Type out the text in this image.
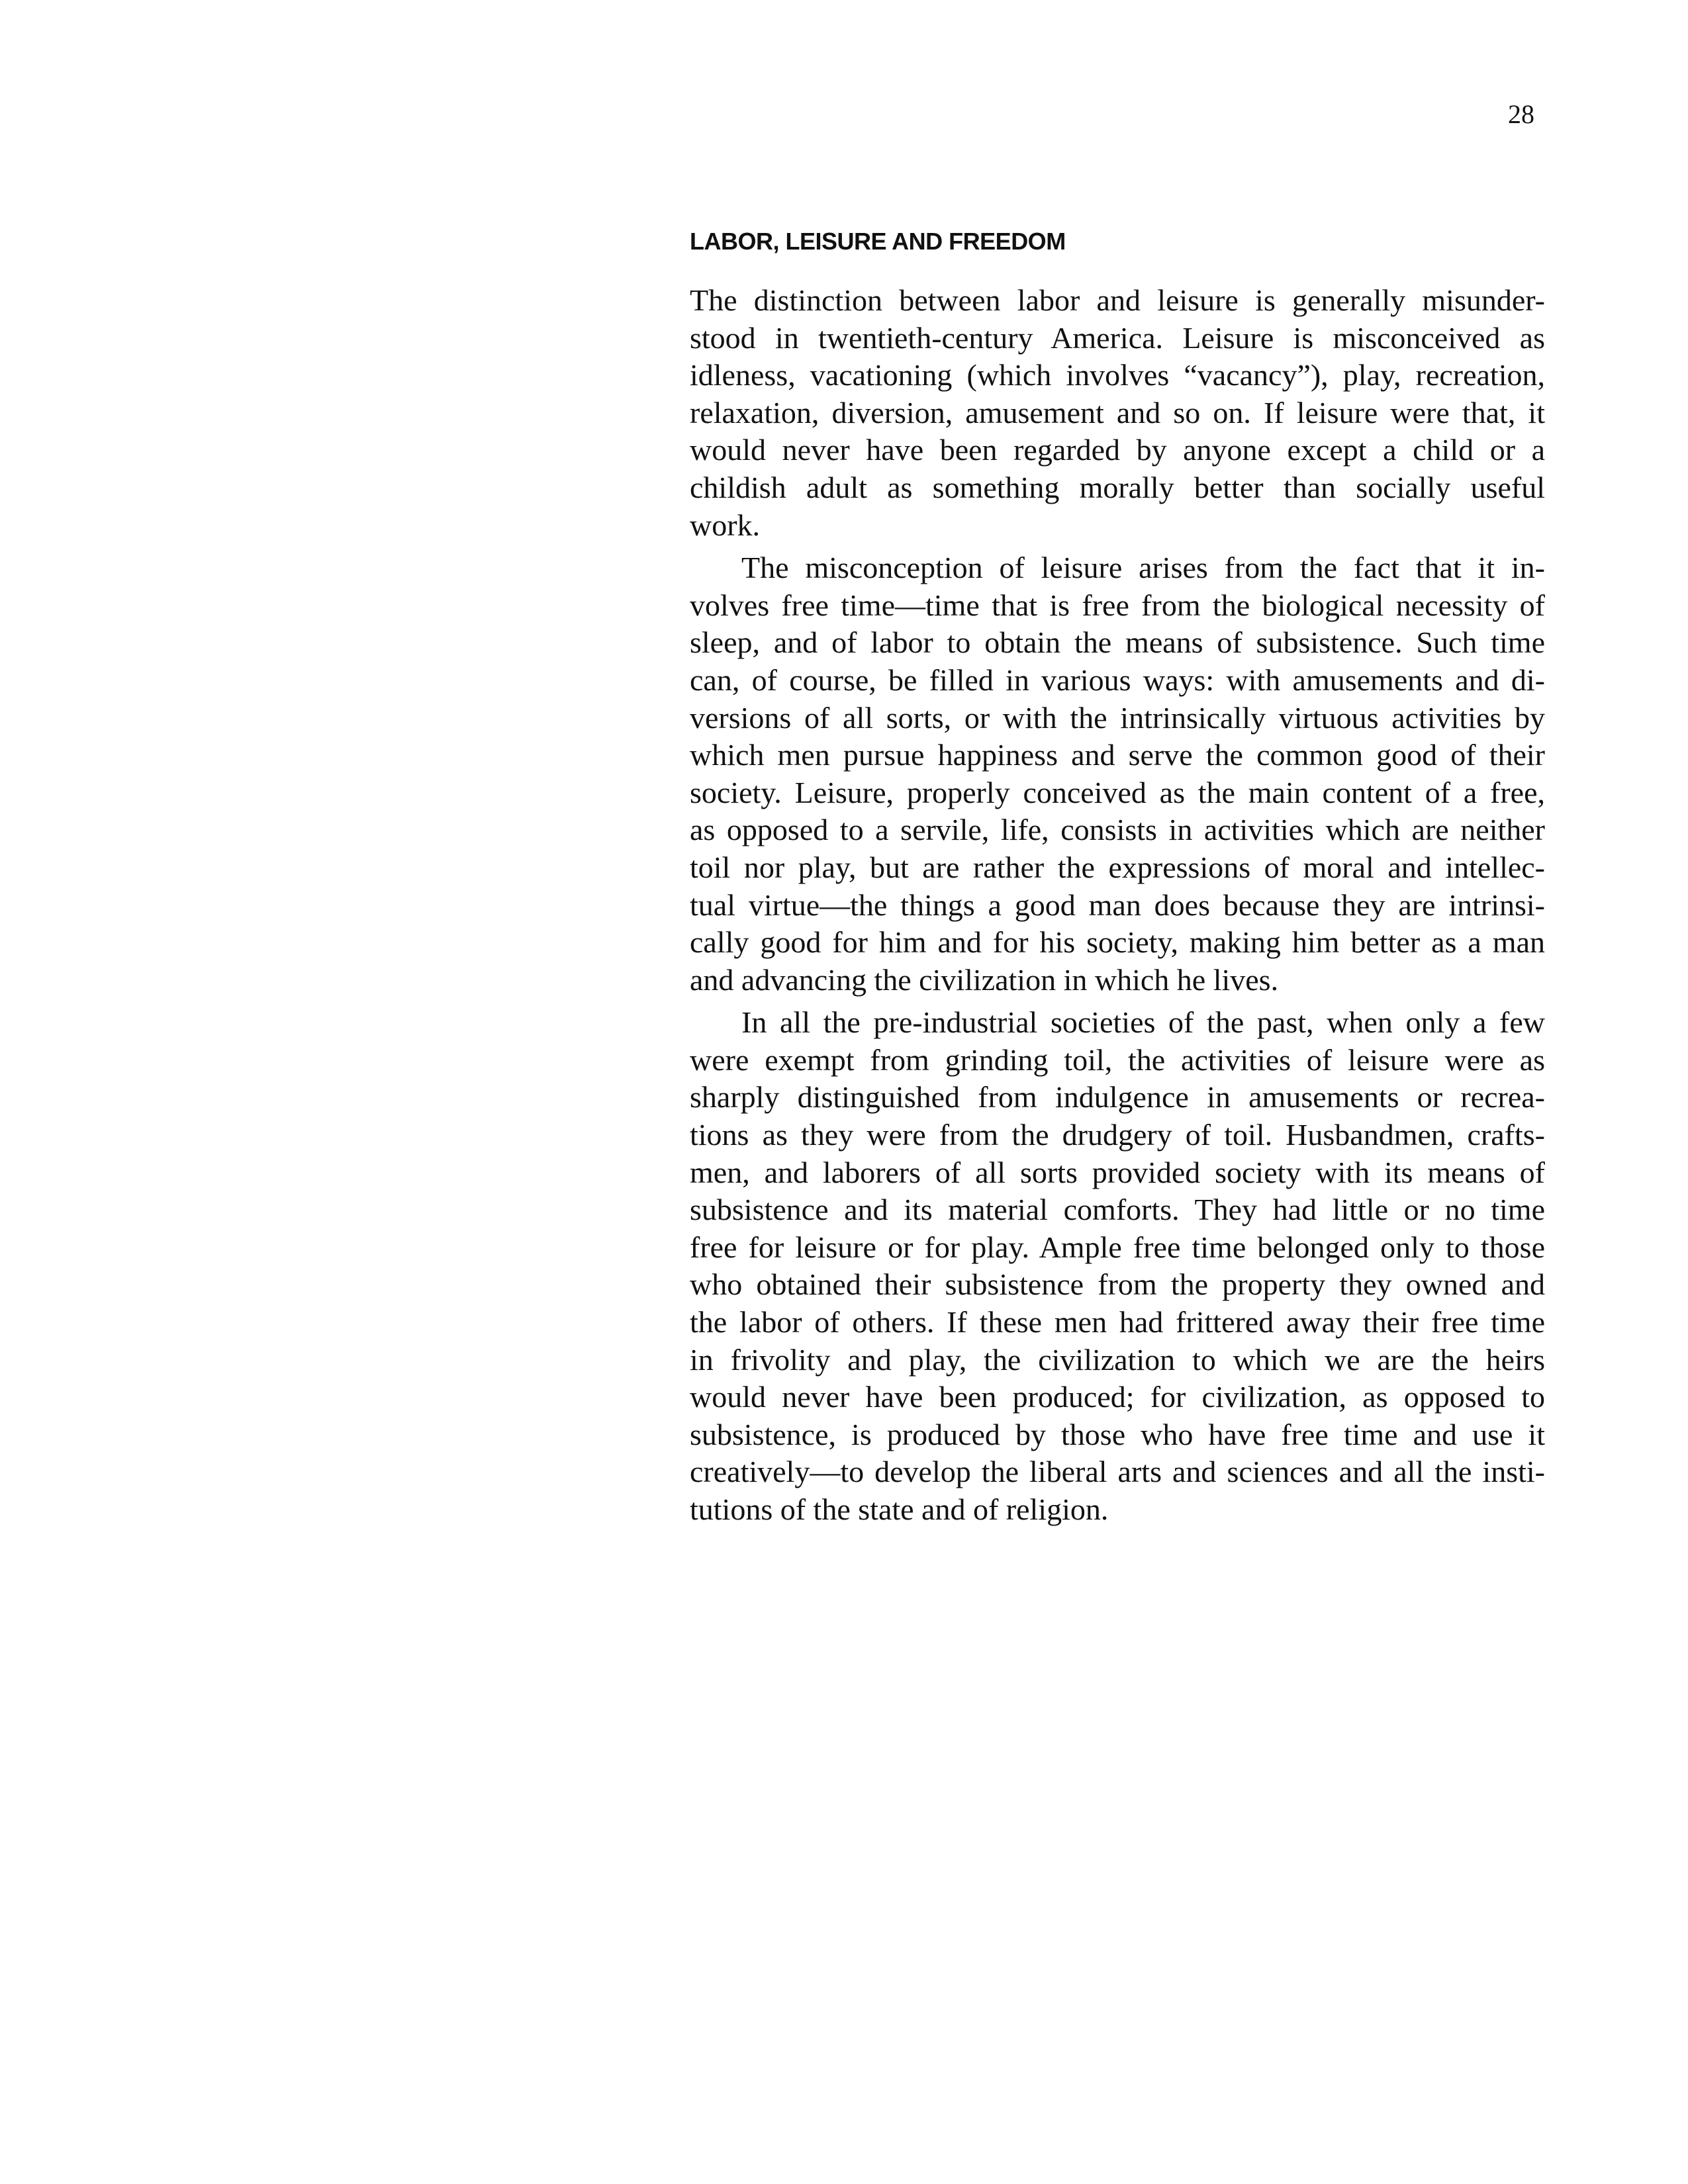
28
LABOR, LEISURE AND FREEDOM
The distinction between labor and leisure is generally misunder-
stood in twentieth-century America. Leisure is misconceived as
idleness, vacationing (which involves “vacancy”), play, recreation,
relaxation, diversion, amusement and so on. If leisure were that, it
would never have been regarded by anyone except a child or a
childish adult as something morally better than socially useful
work.
The misconception of leisure arises from the fact that it in-
volves free time—time that is free from the biological necessity of
sleep, and of labor to obtain the means of subsistence. Such time
can, of course, be filled in various ways: with amusements and di-
versions of all sorts, or with the intrinsically virtuous activities by
which men pursue happiness and serve the common good of their
society. Leisure, properly conceived as the main content of a free,
as opposed to a servile, life, consists in activities which are neither
toil nor play, but are rather the expressions of moral and intellec-
tual virtue—the things a good man does because they are intrinsi-
cally good for him and for his society, making him better as a man
and advancing the civilization in which he lives.
In all the pre-industrial societies of the past, when only a few
were exempt from grinding toil, the activities of leisure were as
sharply distinguished from indulgence in amusements or recrea-
tions as they were from the drudgery of toil. Husbandmen, crafts-
men, and laborers of all sorts provided society with its means of
subsistence and its material comforts. They had little or no time
free for leisure or for play. Ample free time belonged only to those
who obtained their subsistence from the property they owned and
the labor of others. If these men had frittered away their free time
in frivolity and play, the civilization to which we are the heirs
would never have been produced; for civilization, as opposed to
subsistence, is produced by those who have free time and use it
creatively—to develop the liberal arts and sciences and all the insti-
tutions of the state and of religion.
